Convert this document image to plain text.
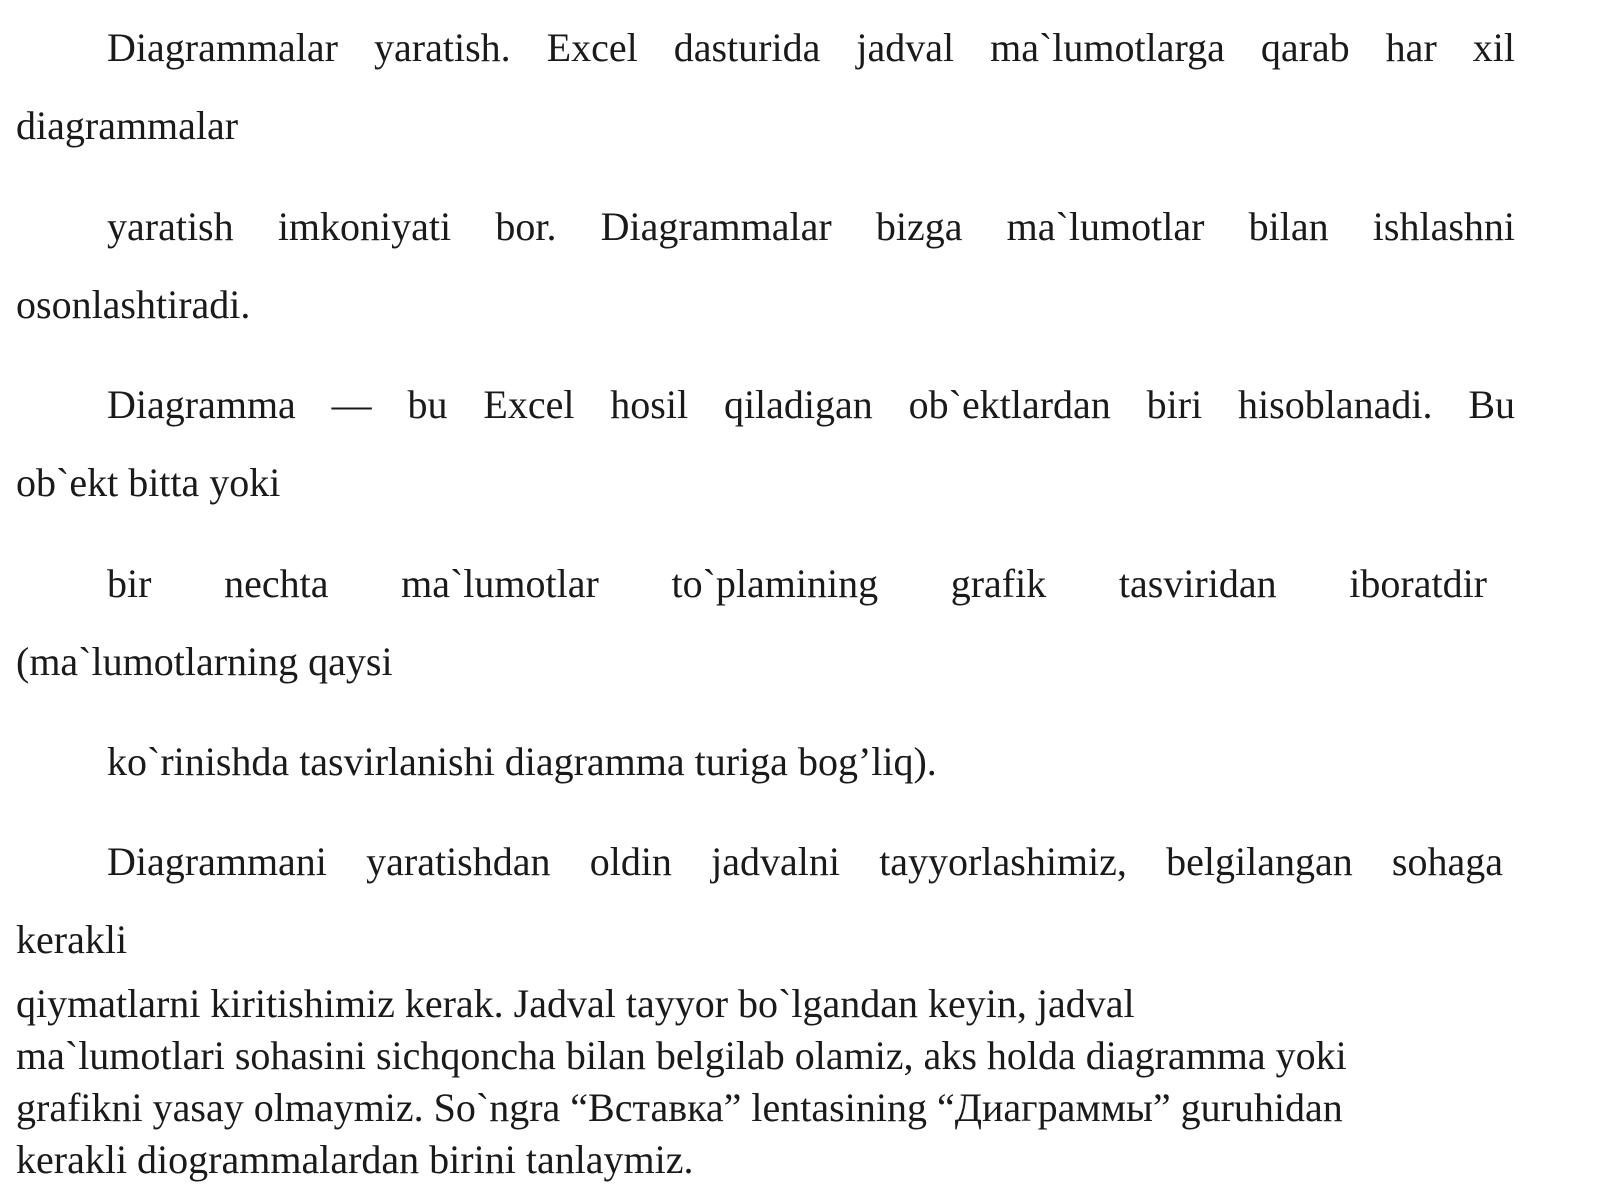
Diagrammalar yaratish. Excel dasturida jadval ma`lumotlarga qarab har xil

diagrammalar

yaratish imkoniyati bor. Diagrammalar bizga ma`lumotlar bilan ishlashni

osonlashtiradi.

Diagramma — bu Excel hosil qiladigan ob`ektlardan biri hisoblanadi. Bu

ob`ekt bitta yoki

bir nechta ma`lumotlar to`plamining grafik tasviridan iboratdir

(ma`lumotlarning qaysi

ko`rinishda tasvirlanishi diagramma turiga bog’liq).

Diagrammani yaratishdan oldin jadvalni tayyorlashimiz, belgilangan sohaga

kerakli

qiymatlarni kiritishimiz kerak. Jadval tayyor bo`lgandan keyin, jadval

ma`lumotlari sohasini sichqoncha bilan belgilab olamiz, aks holda diagramma yoki

grafikni yasay olmaymiz. So`ngra “Вставка” lentasining “Диаграммы” guruhidan

kerakli diogrammalardan birini tanlaymiz.
